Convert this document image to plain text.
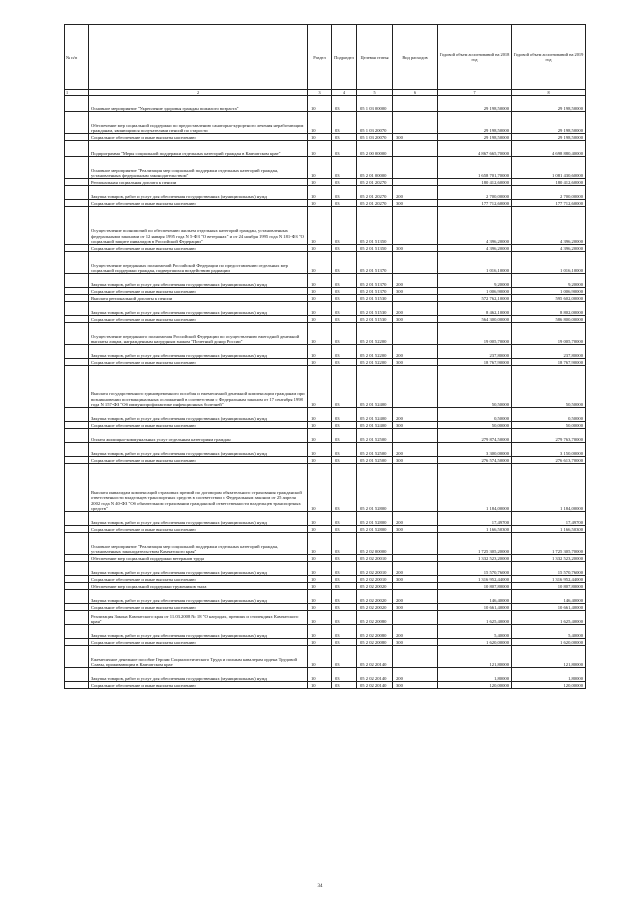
№ п/п		Раздел	Подраздел	Целевая статья	Вид расходов	Годовой объем ассигнований на 2018 год	Годовой объем ассигнований на 2019 год
1	2	3	4	5	6	7	8
	Основное мероприятие "Укрепление здоровья граждан пожилого возраста"	10	03	05 1 03 00000		29 198,50000	29 198,50000
	Обеспечение мер социальной поддержки по предоставлению санаторно-курортного лечения неработающим гражданам, являющимся получателями пенсий по старости	10	03	05 1 03 20070		29 198,50000	29 198,50000
	Социальное обеспечение и иные выплаты населению	10	03	05 1 03 20070	300	29 198,50000	29 198,50000
	Подпрограмма "Меры социальной поддержки отдельных категорий граждан в Камчатском крае"	10	03	05 2 00 00000		4 867 665,70000	4 698 880,40000
	Основное мероприятие "Реализация мер социальной поддержки отдельных категорий граждан, установленных федеральным законодательством"	10	03	05 2 01 00000		1 658 701,70000	1 081 430,60000
	Региональная социальная доплата к пенсии	10	03	05 2 01 20270		180 412,60000	180 412,60000
	Закупка товаров, работ и услуг для обеспечения государственных (муниципальных) нужд	10	03	05 2 01 20270	200	2 700,00000	2 700,00000
	Социальное обеспечение и иные выплаты населению	10	03	05 2 01 20270	300	177 712,60000	177 712,60000
	Осуществление полномочий по обеспечению жильем отдельных категорий граждан, установленных федеральными законами от 12 января 1995 года N 5-ФЗ "О ветеранах" и от 24 ноября 1995 года N 181-ФЗ "О социальной защите инвалидов в Российской Федерации"	10	03	05 2 01 51350		4 396,20000	4 396,20000
	Социальное обеспечение и иные выплаты населению	10	03	05 2 01 51350	300	4 396,20000	4 396,20000
	Осуществление переданных полномочий Российской Федерации по предоставлению отдельных мер социальной поддержки граждан, подвергшихся воздействию радиации	10	03	05 2 01 51370		1 016,10000	1 016,10000
	Закупка товаров, работ и услуг для обеспечения государственных (муниципальных) нужд	10	03	05 2 01 51370	200	9,20000	9,20000
	Социальное обеспечение и иные выплаты населению	10	03	05 2 01 51370	300	1 006,90000	1 006,90000
	Выплата региональной доплаты к пенсии	10	03	05 2 01 51530		572 762,10000	595 602,00000
	Закупка товаров, работ и услуг для обеспечения государственных (муниципальных) нужд	10	03	05 2 01 51530	200	8 462,10000	8 802,00000
	Социальное обеспечение и иные выплаты населению	10	03	05 2 01 51530	300	564 300,00000	586 800,00000
	Осуществление переданного полномочия Российской Федерации по осуществлению ежегодной денежной выплаты лицам, награжденным нагрудным знаком "Почетный донор России"	10	03	05 2 01 52200		19 005,70000	19 005,70000
	Закупка товаров, работ и услуг для обеспечения государственных (муниципальных) нужд	10	03	05 2 01 52200	200	237,80000	237,80000
	Социальное обеспечение и иные выплаты населению	10	03	05 2 01 52200	300	18 767,90000	18 767,90000
	Выплата государственного единовременного пособия и ежемесячной денежной компенсации гражданам при возникновении поствакцинальных осложнений в соответствии с Федеральным законом от 17 сентября 1998 года N 157-ФЗ "Об иммунопрофилактике инфекционных болезней"	10	03	05 2 01 52400		50,50000	50,50000
	Закупка товаров, работ и услуг для обеспечения государственных (муниципальных) нужд	10	03	05 2 01 52400	200	0,50000	0,50000
	Социальное обеспечение и иные выплаты населению	10	03	05 2 01 52400	300	50,00000	50,00000
	Оплата жилищно-коммунальных услуг отдельным категориям граждан	10	03	05 2 01 52500		279 874,50000	279 763,70000
	Закупка товаров, работ и услуг для обеспечения государственных (муниципальных) нужд	10	03	05 2 01 52500	200	3 300,00000	3 150,00000
	Социальное обеспечение и иные выплаты населению	10	03	05 2 01 52500	300	276 574,50000	276 613,70000
	Выплата инвалидам компенсаций страховых премий по договорам обязательного страхования гражданской ответственности владельцев транспортных средств в соответствии с Федеральным законом от 25 апреля 2002 года N 40-ФЗ "Об обязательном страховании гражданской ответственности владельцев транспортных средств"	10	03	05 2 01 52800		1 184,00000	1 184,00000
	Закупка товаров, работ и услуг для обеспечения государственных (муниципальных) нужд	10	03	05 2 01 52800	200	17,49700	17,49700
	Социальное обеспечение и иные выплаты населению	10	03	05 2 01 52800	300	1 166,50300	1 166,50300
	Основное мероприятие "Реализация мер социальной поддержки отдельных категорий граждан, установленных законодательством Камчатского края"	10	03	05 2 02 00000		1 725 305,20000	1 725 305,70000
	Обеспечение мер социальной поддержки ветеранов труда	10	03	05 2 02 20010		1 332 523,20000	1 332 523,20000
	Закупка товаров, работ и услуг для обеспечения государственных (муниципальных) нужд	10	03	05 2 02 20010	200	15 570,76000	15 570,76000
	Социальное обеспечение и иные выплаты населению	10	03	05 2 02 20010	300	1 316 952,44000	1 316 952,44000
	Обеспечение мер социальной поддержки тружеников тыла	10	03	05 2 02 20020		10 807,80000	10 807,80000
	Закупка товаров, работ и услуг для обеспечения государственных (муниципальных) нужд	10	03	05 2 02 20020	200	146,40000	146,40000
	Социальное обеспечение и иные выплаты населению	10	03	05 2 02 20020	300	10 661,40000	10 661,40000
	Реализация Закона Камчатского края от 11.03.2008 № 18 "О наградах, премиях и стипендиях Камчатского края"	10	03	05 2 02 20080		1 625,40000	1 625,40000
	Закупка товаров, работ и услуг для обеспечения государственных (муниципальных) нужд	10	03	05 2 02 20080	200	5,40000	5,40000
	Социальное обеспечение и иные выплаты населению	10	03	05 2 02 20080	300	1 620,00000	1 620,00000
	Ежемесячное денежное пособие Героям Социалистического Труда и полным кавалерам ордена Трудовой Славы, проживающим в Камчатском крае	10	03	05 2 02 20140		121,80000	121,80000
	Закупка товаров, работ и услуг для обеспечения государственных (муниципальных) нужд	10	03	05 2 02 20140	200	1,80000	1,80000
	Социальное обеспечение и иные выплаты населению	10	03	05 2 02 20140	300	120,00000	120,00000
34
